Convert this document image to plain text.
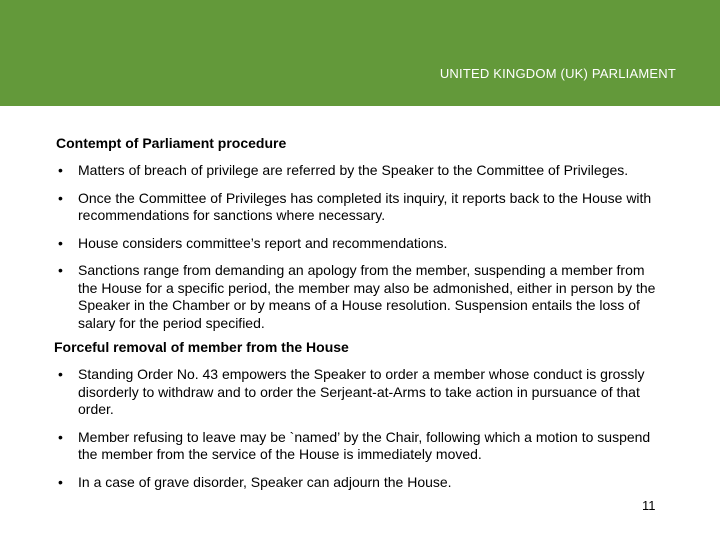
UNITED KINGDOM (UK) PARLIAMENT
Contempt of Parliament procedure
• Matters of breach of privilege are referred by the Speaker to the Committee of Privileges.
• Once the Committee of Privileges has completed its inquiry, it reports back to the House with recommendations for sanctions where necessary.
• House considers committee’s report and recommendations.
• Sanctions range from demanding an apology from the member, suspending a member from the House for a specific period, the member may also be admonished, either in person by the Speaker in the Chamber or by means of a House resolution. Suspension entails the loss of salary for the period specified.
Forceful removal of member from the House
• Standing Order No. 43 empowers the Speaker to order a member whose conduct is grossly disorderly to withdraw and to order the Serjeant-at-Arms to take action in pursuance of that order.
• Member refusing to leave may be `named’ by the Chair, following which a motion to suspend the member from the service of the House is immediately moved.
• In a case of grave disorder, Speaker can adjourn the House.
11
